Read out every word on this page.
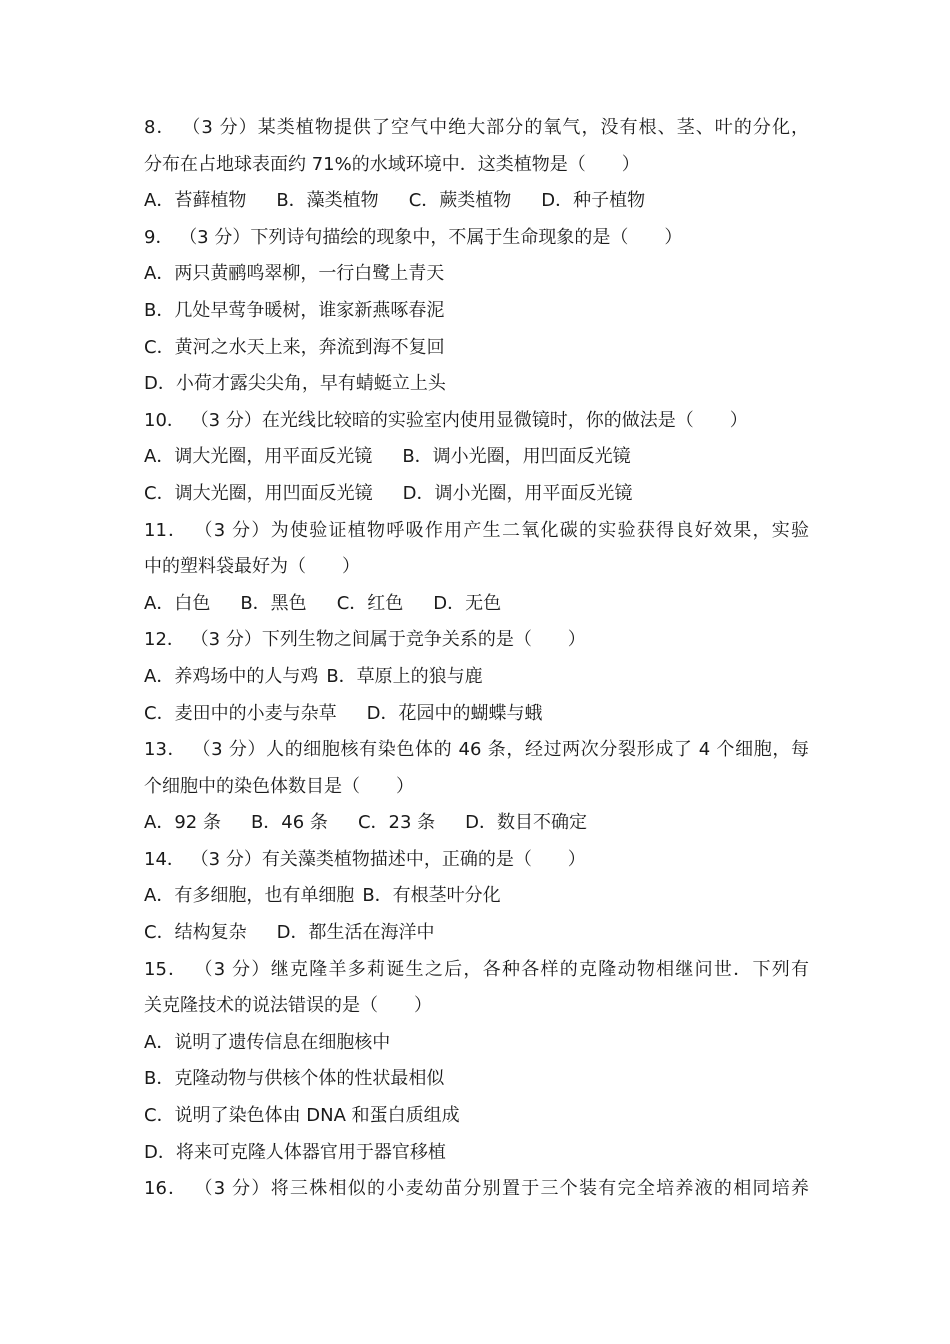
8． （3 分）某类植物提供了空气中绝大部分的氧气，没有根、茎、叶的分化，
分布在占地球表面约 71%的水域环境中．这类植物是（　　）
A．苔藓植物 B．藻类植物 C．蕨类植物 D．种子植物
9． （3 分）下列诗句描绘的现象中，不属于生命现象的是（　　）
A．两只黄鹂鸣翠柳，一行白鹭上青天
B．几处早莺争暖树，谁家新燕啄春泥
C．黄河之水天上来，奔流到海不复回
D．小荷才露尖尖角，早有蜻蜓立上头
10． （3 分）在光线比较暗的实验室内使用显微镜时，你的做法是（　　）
A．调大光圈，用平面反光镜 B．调小光圈，用凹面反光镜
C．调大光圈，用凹面反光镜 D．调小光圈，用平面反光镜
11． （3 分）为使验证植物呼吸作用产生二氧化碳的实验获得良好效果，实验
中的塑料袋最好为（　　）
A．白色 B．黑色 C．红色 D．无色
12． （3 分）下列生物之间属于竞争关系的是（　　）
A．养鸡场中的人与鸡 B．草原上的狼与鹿
C．麦田中的小麦与杂草 D．花园中的蝴蝶与蛾
13． （3 分）人的细胞核有染色体的 46 条，经过两次分裂形成了 4 个细胞，每
个细胞中的染色体数目是（　　）
A．92 条 B．46 条 C．23 条 D．数目不确定
14． （3 分）有关藻类植物描述中，正确的是（　　）
A．有多细胞，也有单细胞 B．有根茎叶分化
C．结构复杂 D．都生活在海洋中
15． （3 分）继克隆羊多莉诞生之后，各种各样的克隆动物相继问世．下列有
关克隆技术的说法错误的是（　　）
A．说明了遗传信息在细胞核中
B．克隆动物与供核个体的性状最相似
C．说明了染色体由 DNA 和蛋白质组成
D．将来可克隆人体器官用于器官移植
16． （3 分）将三株相似的小麦幼苗分别置于三个装有完全培养液的相同培养
